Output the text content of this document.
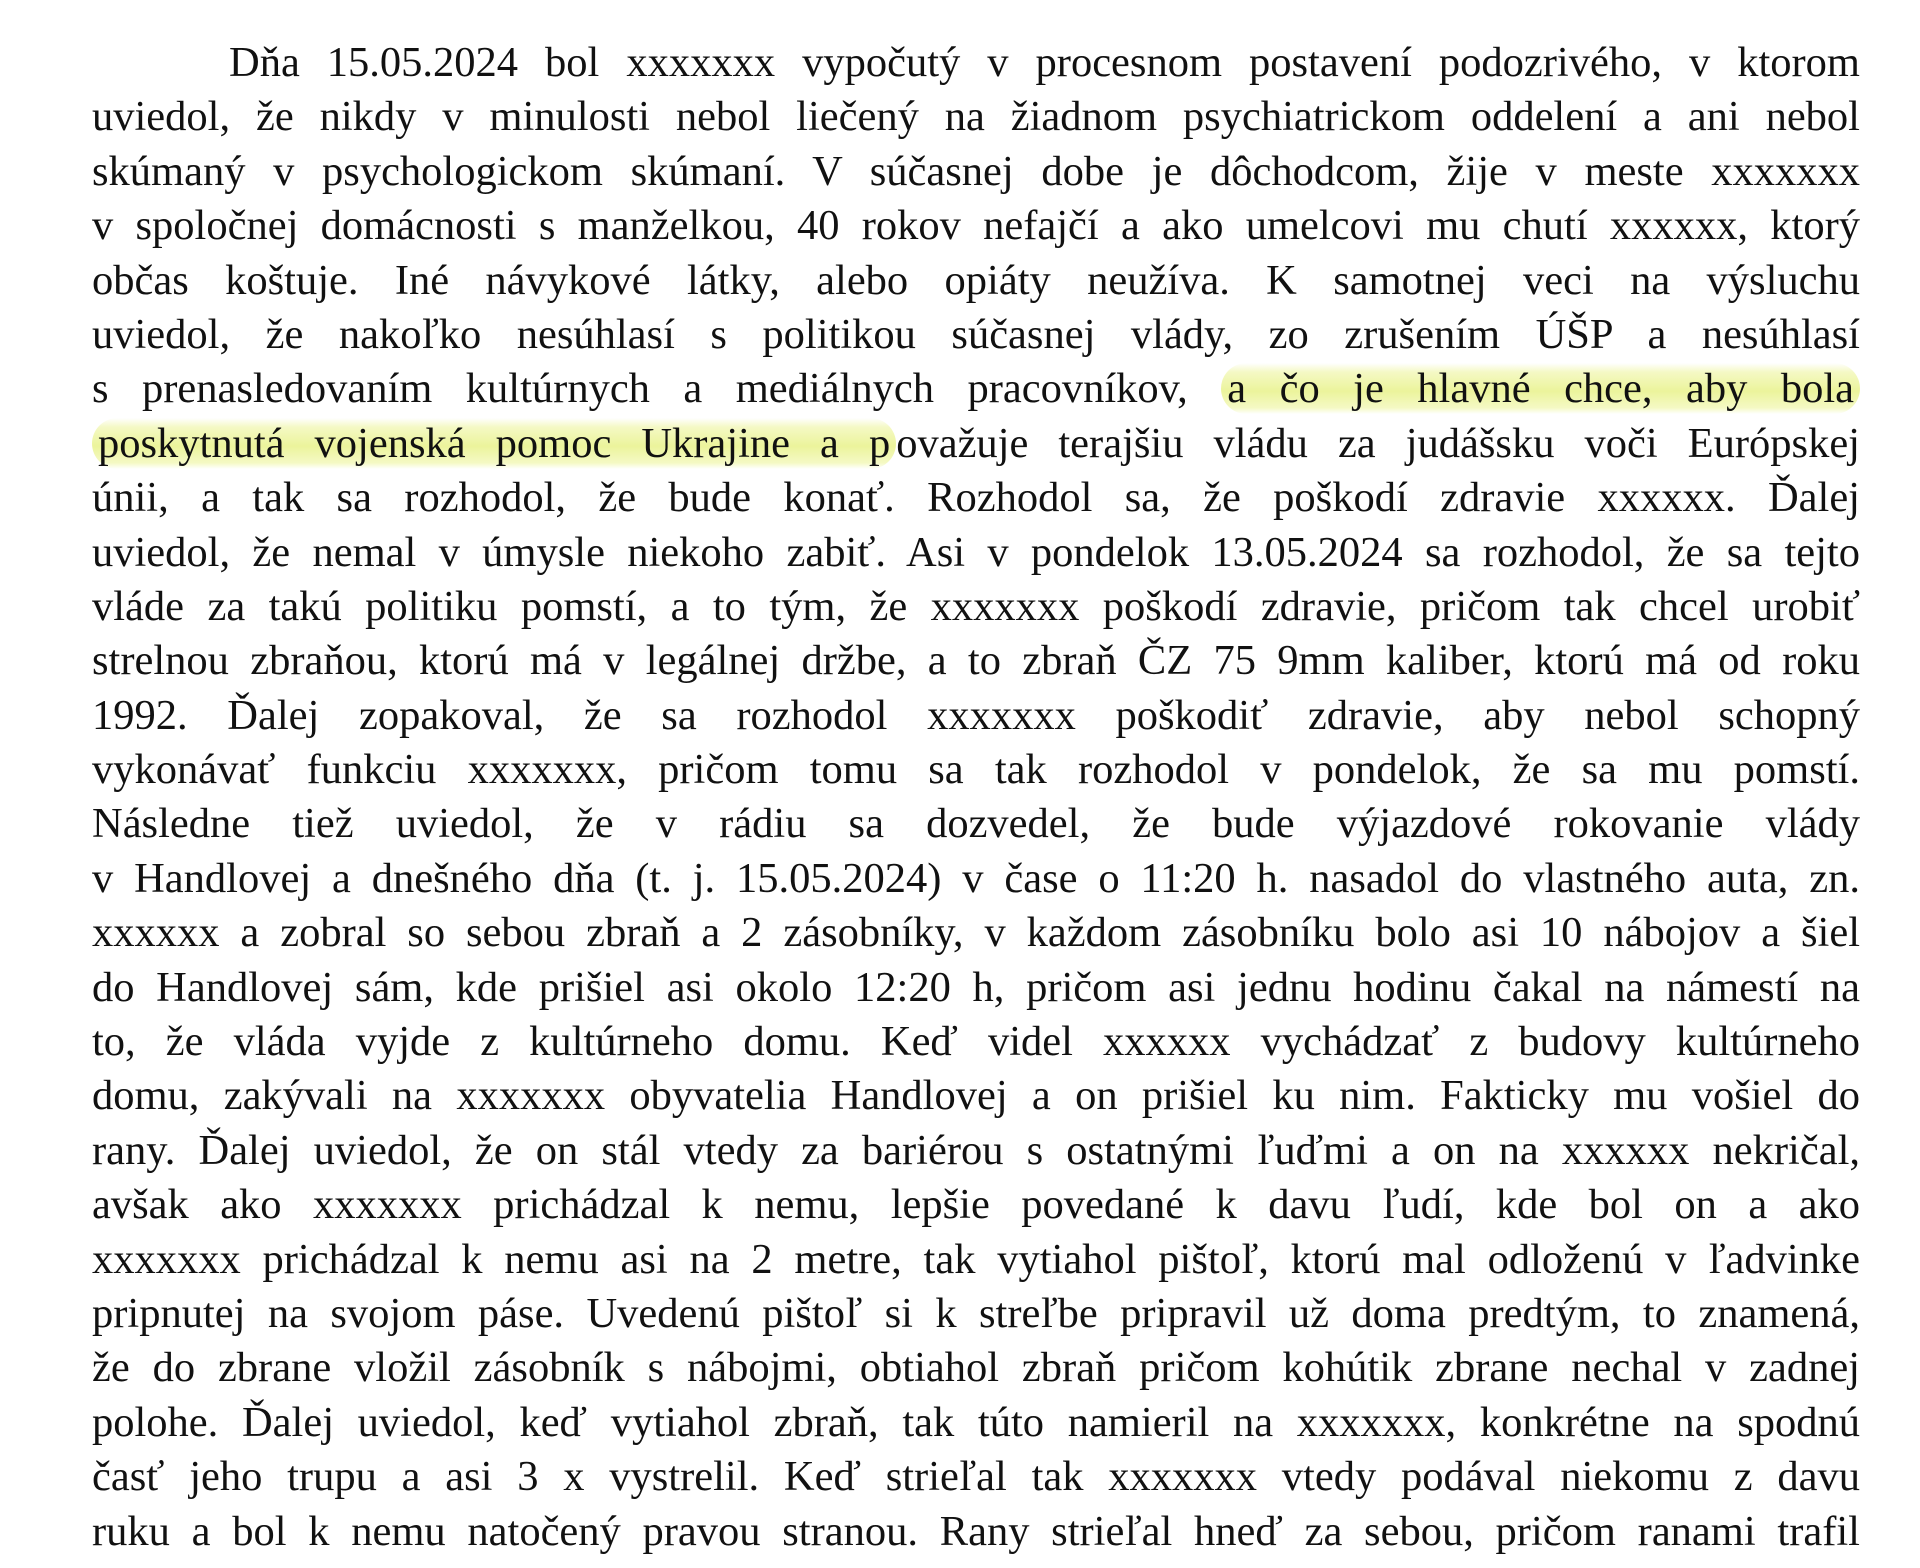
Dňa 15.05.2024 bol xxxxxxx vypočutý v procesnom postavení podozrivého, v ktorom
uviedol, že nikdy v minulosti nebol liečený na žiadnom psychiatrickom oddelení a ani nebol
skúmaný v psychologickom skúmaní. V súčasnej dobe je dôchodcom, žije v meste xxxxxxx
v spoločnej domácnosti s manželkou, 40 rokov nefajčí a ako umelcovi mu chutí xxxxxx, ktorý
občas koštuje. Iné návykové látky, alebo opiáty neužíva. K samotnej veci na výsluchu
uviedol, že nakoľko nesúhlasí s politikou súčasnej vlády, zo zrušením ÚŠP a nesúhlasí
s prenasledovaním kultúrnych a mediálnych pracovníkov, a čo je hlavné chce, aby bola
poskytnutá vojenská pomoc Ukrajine a p ovažuje terajšiu vládu za judášsku voči Európskej
únii, a tak sa rozhodol, že bude konať. Rozhodol sa, že poškodí zdravie xxxxxx. Ďalej
uviedol, že nemal v úmysle niekoho zabiť. Asi v pondelok 13.05.2024 sa rozhodol, že sa tejto
vláde za takú politiku pomstí, a to tým, že xxxxxxx poškodí zdravie, pričom tak chcel urobiť
strelnou zbraňou, ktorú má v legálnej držbe, a to zbraň ČZ 75 9mm kaliber, ktorú má od roku
1992. Ďalej zopakoval, že sa rozhodol xxxxxxx poškodiť zdravie, aby nebol schopný
vykonávať funkciu xxxxxxx, pričom tomu sa tak rozhodol v pondelok, že sa mu pomstí.
Následne tiež uviedol, že v rádiu sa dozvedel, že bude výjazdové rokovanie vlády
v Handlovej a dnešného dňa (t. j. 15.05.2024) v čase o 11:20 h. nasadol do vlastného auta, zn.
xxxxxx a zobral so sebou zbraň a 2 zásobníky, v každom zásobníku bolo asi 10 nábojov a šiel
do Handlovej sám, kde prišiel asi okolo 12:20 h, pričom asi jednu hodinu čakal na námestí na
to, že vláda vyjde z kultúrneho domu. Keď videl xxxxxx vychádzať z budovy kultúrneho
domu, zakývali na xxxxxxx obyvatelia Handlovej a on prišiel ku nim. Fakticky mu vošiel do
rany. Ďalej uviedol, že on stál vtedy za bariérou s ostatnými ľuďmi a on na xxxxxx nekričal,
avšak ako xxxxxxx prichádzal k nemu, lepšie povedané k davu ľudí, kde bol on a ako
xxxxxxx prichádzal k nemu asi na 2 metre, tak vytiahol pištoľ, ktorú mal odloženú v ľadvinke
pripnutej na svojom páse. Uvedenú pištoľ si k streľbe pripravil už doma predtým, to znamená,
že do zbrane vložil zásobník s nábojmi, obtiahol zbraň pričom kohútik zbrane nechal v zadnej
polohe. Ďalej uviedol, keď vytiahol zbraň, tak túto namieril na xxxxxxx, konkrétne na spodnú
časť jeho trupu a asi 3 x vystrelil. Keď strieľal tak xxxxxxx vtedy podával niekomu z davu
ruku a bol k nemu natočený pravou stranou. Rany strieľal hneď za sebou, pričom ranami trafil
